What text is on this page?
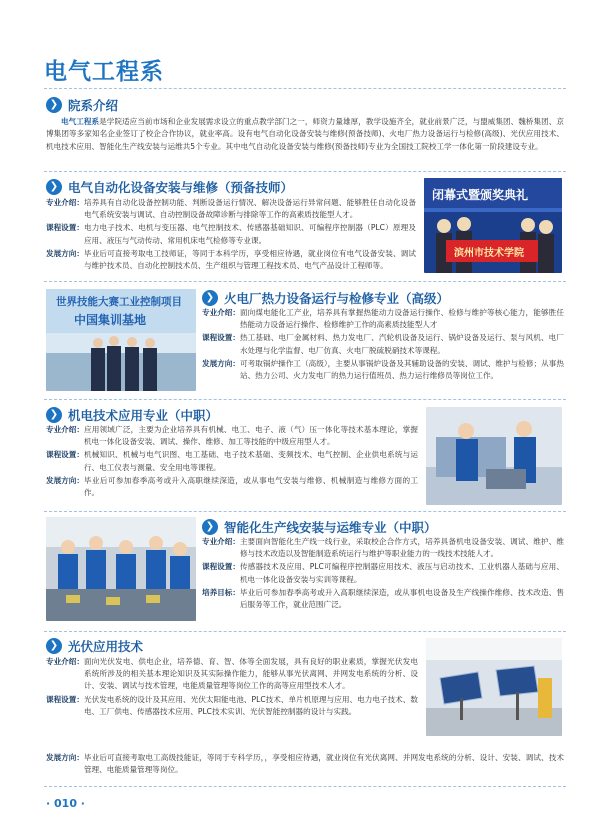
电气工程系
❯ 院系介绍
电气工程系是学院适应当前市场和企业发展需求设立的重点教学部门之一，师资力量雄厚，教学设施齐全，就业前景广泛，与盟威集团、魏桥集团、京博集团等多家知名企业签订了校企合作协议，就业率高。设有电气自动化设备安装与维修(预备技师)、火电厂热力设备运行与检修(高级)、光伏应用技术、机电技术应用、智能化生产线安装与运维共5个专业。其中电气自动化设备安装与维修(预备技师)专业为全国技工院校工学一体化第一阶段建设专业。
❯ 电气自动化设备安装与维修（预备技师）
专业介绍： 培养具有自动化设备控制功能、判断设备运行情况、解决设备运行异常问题、能够胜任自动化设备电气系统安装与调试、自动控制设备故障诊断与排除等工作的高素质技能型人才。
课程设置： 电力电子技术、电机与变压器、电气控制技术、传感器基础知识、可编程序控制器（PLC）原理及应用、液压与气动传动、常用机床电气检修等专业课。
发展方向： 毕业后可直接考取电工技师证，等同于本科学历，享受相应待遇，就业岗位有电气设备安装、调试与维护技术员、自动化控制技术员、生产组织与管理工程技术员、电气产品设计工程师等。
闭幕式暨颁奖典礼
滨州市技术学院
世界技能大赛工业控制项目
中国集训基地
❯ 火电厂热力设备运行与检修专业（高级）
专业介绍： 面向煤电能化工产业，培养具有掌握热能动力设备运行操作、检修与维护等核心能力，能够胜任热能动力设备运行操作、检修维护工作的高素质技能型人才
课程设置： 热工基础、电厂金属材料、热力发电厂、汽轮机设备及运行、锅炉设备及运行、泵与风机、电厂水处理与化学监督、电厂仿真、火电厂脱硫脱硝技术等课程。
发展方向： 可考取锅炉操作工（高级），主要从事锅炉设备及其辅助设备的安装、调试、维护与检修；从事热站、热力公司、火力发电厂的热力运行值班员、热力运行维修员等岗位工作。
❯ 机电技术应用专业（中职）
专业介绍： 应用领域广泛，主要为企业培养具有机械、电工、电子、液（气）压一体化等技术基本理论，掌握机电一体化设备安装、调试、操作、维修、加工等技能的中级应用型人才。
课程设置： 机械知识、机械与电气识图、电工基础、电子技术基础、变频技术、电气控制、企业供电系统与运行、电工仪表与测量、安全用电等课程。
发展方向： 毕业后可参加春季高考或升入高职继续深造，或从事电气安装与维修、机械制造与维修方面的工作。
❯ 智能化生产线安装与运维专业（中职）
专业介绍： 主要面向智能化生产线一线行业，采取校企合作方式，培养具备机电设备安装、调试、维护、维修与技术改造以及智能制造系统运行与维护等职业能力的一线技术技能人才。
课程设置： 传感器技术及应用、PLC可编程序控制器应用技术、液压与启动技术、工业机器人基础与应用、机电一体化设备安装与实训等课程。
培养目标： 毕业后可参加春季高考或升入高职继续深造，或从事机电设备及生产线操作维修、技术改造、售后服务等工作，就业范围广泛。
❯ 光伏应用技术
专业介绍： 面向光伏发电、供电企业，培养德、育、智、体等全面发展，具有良好的职业素质，掌握光伏发电系统所涉及的相关基本理论知识及其实际操作能力，能够从事光伏离网、并网发电系统的分析、设计、安装、调试与技术管理，电能质量管理等岗位工作的高等应用型技术人才。
课程设置： 光伏发电系统的设计及其应用、光伏太阳能电池、PLC技术、单片机原理与应用、电力电子技术、数电、工厂供电、传感器技术应用、PLC技术实训、光伏智能控制器的设计与实践。
发展方向： 毕业后可直接考取电工高级技能证，等同于专科学历，，享受相应待遇，就业岗位有光伏离网、并网发电系统的分析、设计、安装、调试、技术管理、电能质量管理等岗位。
· 010 ·
